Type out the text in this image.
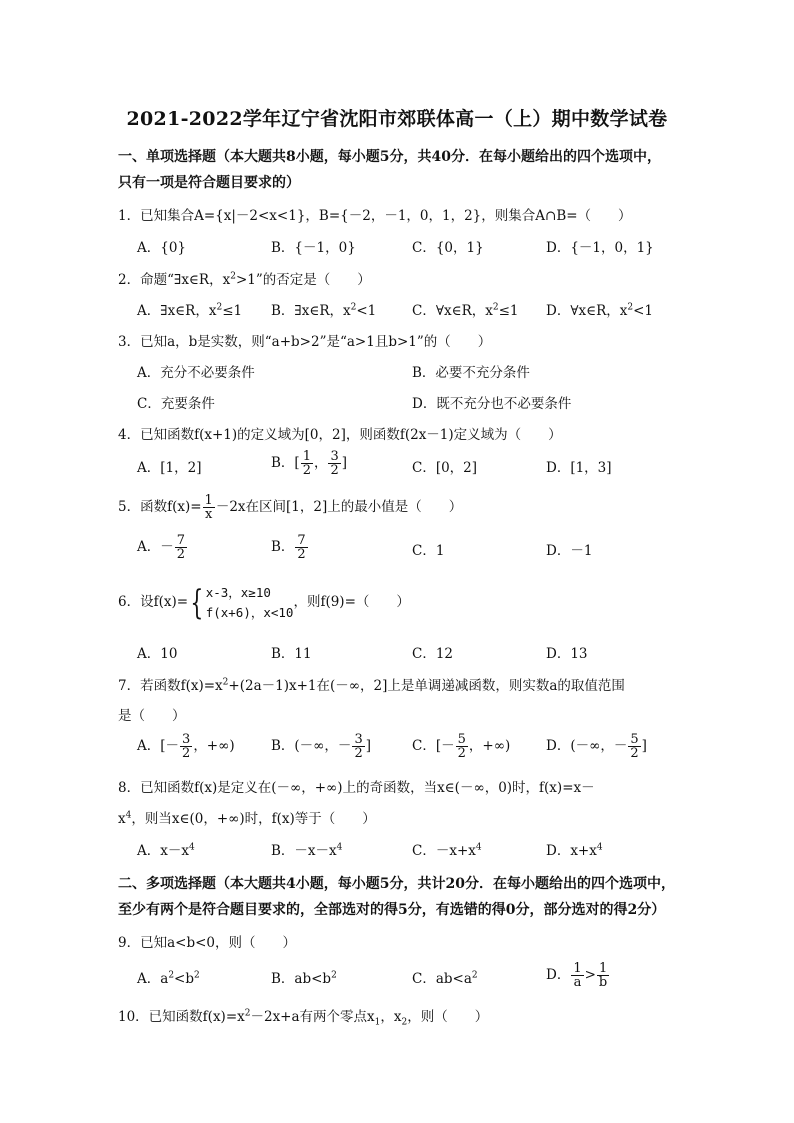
2021-2022学年辽宁省沈阳市郊联体高一（上）期中数学试卷
一、单项选择题（本大题共8小题，每小题5分，共40分．在每小题给出的四个选项中，
只有一项是符合题目要求的）
1．已知集合A={x|－2<x<1}，B={－2，－1，0，1，2}，则集合A∩B=（　　）
A．{0}	B．{－1，0}	C．{0，1}	D．{－1，0，1}
2．命题“∃x∈R，$x^2>1$”的否定是（　　）
A．∃x∈R，$x^2\le 1$ B．∃x∈R，$x^2<1$	C．∀x∈R，$x^2\le 1$ D．∀x∈R，$x^2<1$
3．已知a，b是实数，则“a+b>2”是“a>1且b>1”的（　　）
A．充分不必要条件	B．必要不充分条件
C．充要条件	D．既不充分也不必要条件
4．已知函数f(x+1)的定义域为[0，2]，则函数f(2x－1)定义域为（　　）
A．[1，2]	B．[ $\frac{1}{2}$ ， $\frac{3}{2}$ ]	C．[0，2]	D．[1，3]
5．函数$f(x)= \frac{1}{x} -2x$在区间[1，2]上的最小值是（　　）
A．－ $\frac{7}{2}$	B． $\frac{7}{2}$	C．1	D．－1
6．设f(x)={ x-3，x≥10
f(x+6)，x<10
，则f(9)=（　　）
A．10	B．11	C．12	D．13
7．若函数$f(x)=x^2+(2a-1)x+1$在(－∞，2]上是单调递减函数，则实数a的取值范围
是（　　）
A．[－ $\frac{3}{2}$ ，+∞)	B．(－∞，－ $\frac{3}{2}$ ]	C．[－ $\frac{5}{2}$ ，+∞)	D．(－∞，－ $\frac{5}{2}$ ]
8．已知函数f(x)是定义在(－∞，+∞)上的奇函数，当x∈(－∞，0)时，f(x)=x－
$x^4$，则当x∈(0，+∞)时，f(x)等于（　　）
A．$x-x^4$	B．$-x-x^4$	C．$-x+x^4$	D．$x+x^4$
二、多项选择题（本大题共4小题，每小题5分，共计20分．在每小题给出的四个选项中，
至少有两个是符合题目要求的，全部选对的得5分，有选错的得0分，部分选对的得2分）
9．已知a<b<0，则（　　）
A．$a^2<b^2$	B．$ab<b^2$	C．$ab<a^2$	D． $\frac{1}{a} > \frac{1}{b}$
10．已知函数$f(x)=x^2-2x+a$有两个零点$x_1$，$x_2$，则（　　）
